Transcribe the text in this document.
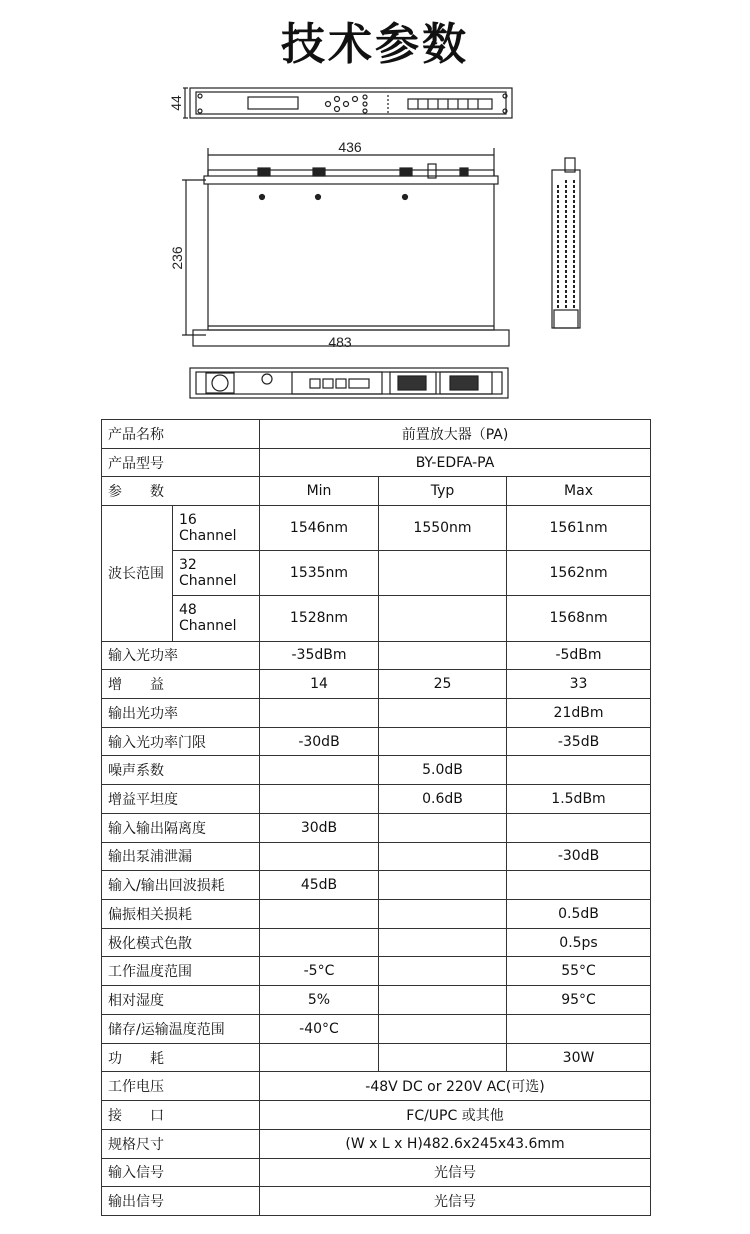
技术参数
44
436
236
483
产品名称		前置放大器（PA)		
产品型号		BY-EDFA-PA		
参　　数		Min	Typ	Max
波长范围	16 Channel	1546nm	1550nm	1561nm
	32 Channel	1535nm		1562nm
	48 Channel	1528nm		1568nm
输入光功率		-35dBm		-5dBm
增　　益		14	25	33
输出光功率				21dBm
输入光功率门限		-30dB		-35dB
噪声系数			5.0dB	
增益平坦度			0.6dB	1.5dBm
输入输出隔离度		30dB		
输出泵浦泄漏				-30dB
输入/输出回波损耗		45dB		
偏振相关损耗				0.5dB
极化模式色散				0.5ps
工作温度范围		-5°C		55°C
相对湿度		5%		95°C
储存/运输温度范围		-40°C		
功　　耗				30W
工作电压		-48V DC or 220V AC(可选)		
接　　口		FC/UPC 或其他		
规格尺寸		(W x L x H)482.6x245x43.6mm		
输入信号		光信号		
输出信号		光信号		
